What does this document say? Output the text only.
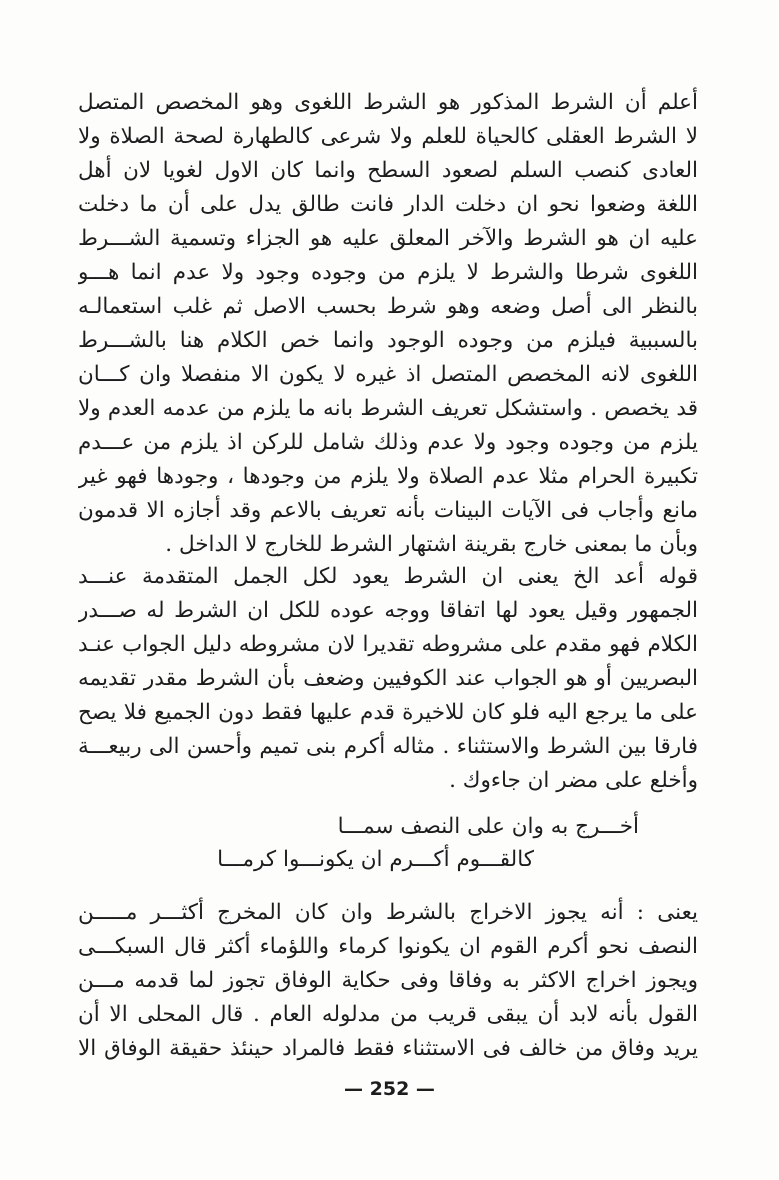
أعلم أن الشرط المذكور هو الشرط اللغوى وهو المخصص المتصل
لا الشرط العقلى كالحياة للعلم ولا شرعى كالطهارة لصحة الصلاة ولا
العادى كنصب السلم لصعود السطح وانما كان الاول لغويا لان أهل
اللغة وضعوا نحو ان دخلت الدار فانت طالق يدل على أن ما دخلت
عليه ان هو الشرط والآخر المعلق عليه هو الجزاء وتسمية الشـــرط
اللغوى شرطا والشرط لا يلزم من وجوده وجود ولا عدم انما هـــو
بالنظر الى أصل وضعه وهو شرط بحسب الاصل ثم غلب استعمالـه
بالسببية فيلزم من وجوده الوجود وانما خص الكلام هنا بالشـــرط
اللغوى لانه المخصص المتصل اذ غيره لا يكون الا منفصلا وان كـــان
قد يخصص . واستشكل تعريف الشرط بانه ما يلزم من عدمه العدم ولا
يلزم من وجوده وجود ولا عدم وذلك شامل للركن اذ يلزم من عـــدم
تكبيرة الحرام مثلا عدم الصلاة ولا يلزم من وجودها ، وجودها فهو غير
مانع وأجاب فى الآيات البينات بأنه تعريف بالاعم وقد أجازه الا قدمون
وبأن ما بمعنى خارج بقرينة اشتهار الشرط للخارج لا الداخل .
قوله أعد الخ يعنى ان الشرط يعود لكل الجمل المتقدمة عنـــد
الجمهور وقيل يعود لها اتفاقا ووجه عوده للكل ان الشرط له صـــدر
الكلام فهو مقدم على مشروطه تقديرا لان مشروطه دليل الجواب عنـد
البصريين أو هو الجواب عند الكوفيين وضعف بأن الشرط مقدر تقديمه
على ما يرجع اليه فلو كان للاخيرة قدم عليها فقط دون الجميع فلا يصح
فارقا بين الشرط والاستثناء . مثاله أكرم بنى تميم وأحسن الى ربيعـــة
وأخلع على مضر ان جاءوك .
أخـــرج به وان على النصف سمـــا
كالقـــوم أكـــرم ان يكونـــوا كرمـــا
يعنى : أنه يجوز الاخراج بالشرط وان كان المخرج أكثـــر مـــــن
النصف نحو أكرم القوم ان يكونوا كرماء واللؤماء أكثر قال السبكـــى
ويجوز اخراج الاكثر به وفاقا وفى حكاية الوفاق تجوز لما قدمه مـــن
القول بأنه لابد أن يبقى قريب من مدلوله العام . قال المحلى الا أن
يريد وفاق من خالف فى الاستثناء فقط فالمراد حينئذ حقيقة الوفاق الا
— 252 —
